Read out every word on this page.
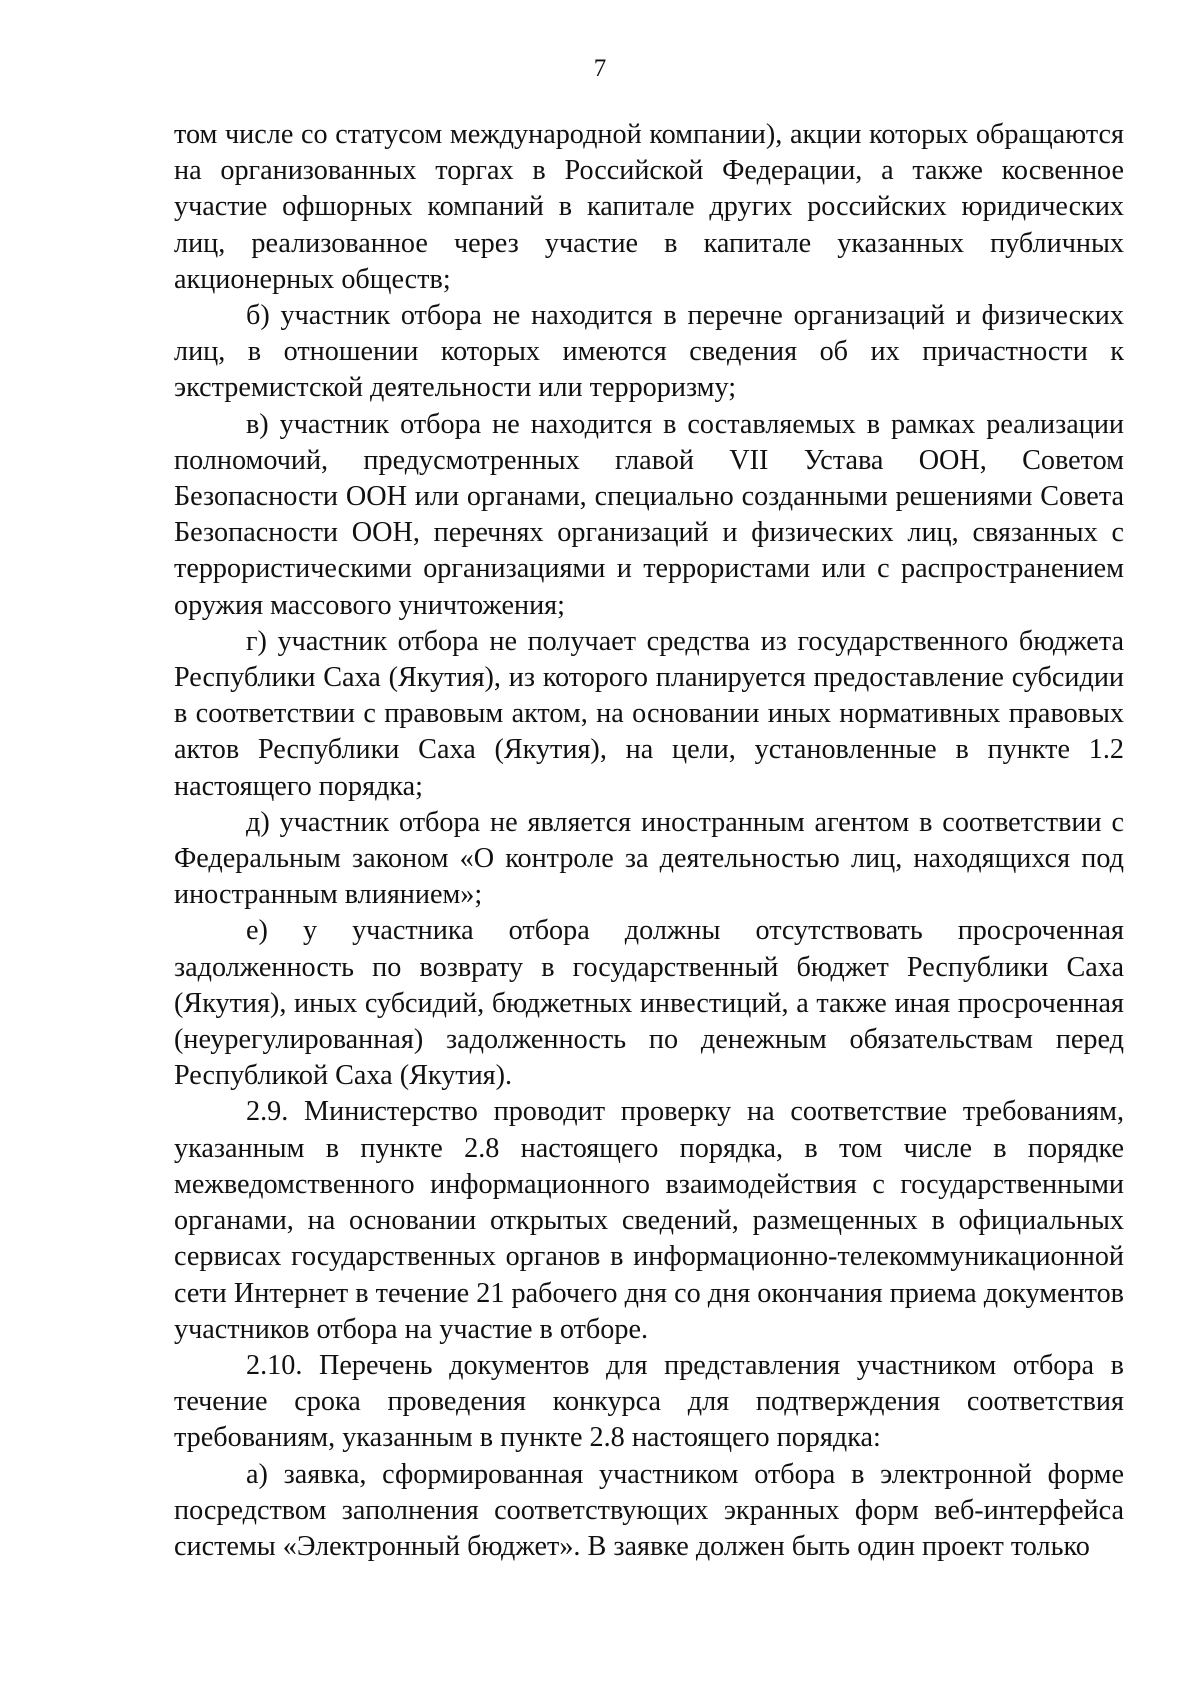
7

том числе со статусом международной компании), акции которых обращаются на организованных торгах в Российской Федерации, а также косвенное участие офшорных компаний в капитале других российских юридических лиц, реализованное через участие в капитале указанных публичных акционерных обществ;

б) участник отбора не находится в перечне организаций и физических лиц, в отношении которых имеются сведения об их причастности к экстремистской деятельности или терроризму;

в) участник отбора не находится в составляемых в рамках реализации полномочий, предусмотренных главой VII Устава ООН, Советом Безопасности ООН или органами, специально созданными решениями Совета Безопасности ООН, перечнях организаций и физических лиц, связанных с террористическими организациями и террористами или с распространением оружия массового уничтожения;

г) участник отбора не получает средства из государственного бюджета Республики Саха (Якутия), из которого планируется предоставление субсидии в соответствии с правовым актом, на основании иных нормативных правовых актов Республики Саха (Якутия), на цели, установленные в пункте 1.2 настоящего порядка;

д) участник отбора не является иностранным агентом в соответствии с Федеральным законом «О контроле за деятельностью лиц, находящихся под иностранным влиянием»;

е) у участника отбора должны отсутствовать просроченная задолженность по возврату в государственный бюджет Республики Саха (Якутия), иных субсидий, бюджетных инвестиций, а также иная просроченная (неурегулированная) задолженность по денежным обязательствам перед Республикой Саха (Якутия).

2.9. Министерство проводит проверку на соответствие требованиям, указанным в пункте 2.8 настоящего порядка, в том числе в порядке межведомственного информационного взаимодействия с государственными органами, на основании открытых сведений, размещенных в официальных сервисах государственных органов в информационно-телекоммуникационной сети Интернет в течение 21 рабочего дня со дня окончания приема документов участников отбора на участие в отборе.

2.10. Перечень документов для представления участником отбора в течение срока проведения конкурса для подтверждения соответствия требованиям, указанным в пункте 2.8 настоящего порядка:

а) заявка, сформированная участником отбора в электронной форме посредством заполнения соответствующих экранных форм веб-интерфейса системы «Электронный бюджет». В заявке должен быть один проект только
